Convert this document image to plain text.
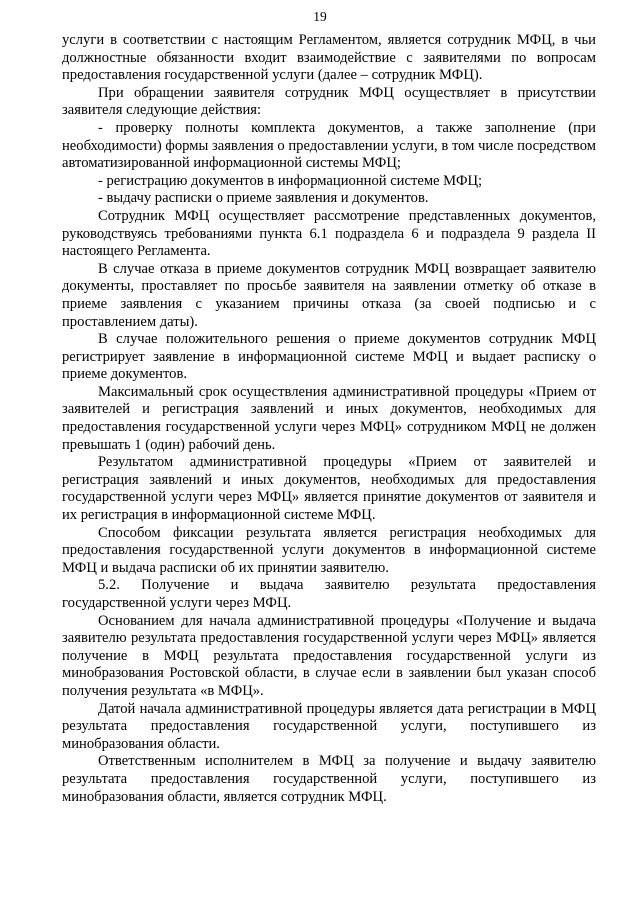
19

услуги в соответствии с настоящим Регламентом, является сотрудник МФЦ, в чьи должностные обязанности входит взаимодействие с заявителями по вопросам предоставления государственной услуги (далее – сотрудник МФЦ).

При обращении заявителя сотрудник МФЦ осуществляет в присутствии заявителя следующие действия:

- проверку полноты комплекта документов, а также заполнение (при необходимости) формы заявления о предоставлении услуги, в том числе посредством автоматизированной информационной системы МФЦ;

- регистрацию документов в информационной системе МФЦ;

- выдачу расписки о приеме заявления и документов.

Сотрудник МФЦ осуществляет рассмотрение представленных документов, руководствуясь требованиями пункта 6.1 подраздела 6 и подраздела 9 раздела II настоящего Регламента.

В случае отказа в приеме документов сотрудник МФЦ возвращает заявителю документы, проставляет по просьбе заявителя на заявлении отметку об отказе в приеме заявления с указанием причины отказа (за своей подписью и с проставлением даты).

В случае положительного решения о приеме документов сотрудник МФЦ регистрирует заявление в информационной системе МФЦ и выдает расписку о приеме документов.

Максимальный срок осуществления административной процедуры «Прием от заявителей и регистрация заявлений и иных документов, необходимых для предоставления государственной услуги через МФЦ» сотрудником МФЦ не должен превышать 1 (один) рабочий день.

Результатом административной процедуры «Прием от заявителей и регистрация заявлений и иных документов, необходимых для предоставления государственной услуги через МФЦ» является принятие документов от заявителя и их регистрация в информационной системе МФЦ.

Способом фиксации результата является регистрация необходимых для предоставления государственной услуги документов в информационной системе МФЦ и выдача расписки об их принятии заявителю.

5.2. Получение и выдача заявителю результата предоставления государственной услуги через МФЦ.

Основанием для начала административной процедуры «Получение и выдача заявителю результата предоставления государственной услуги через МФЦ» является получение в МФЦ результата предоставления государственной услуги из минобразования Ростовской области, в случае если в заявлении был указан способ получения результата «в МФЦ».

Датой начала административной процедуры является дата регистрации в МФЦ результата предоставления государственной услуги, поступившего из минобразования области.

Ответственным исполнителем в МФЦ за получение и выдачу заявителю результата предоставления государственной услуги, поступившего из минобразования области, является сотрудник МФЦ.
